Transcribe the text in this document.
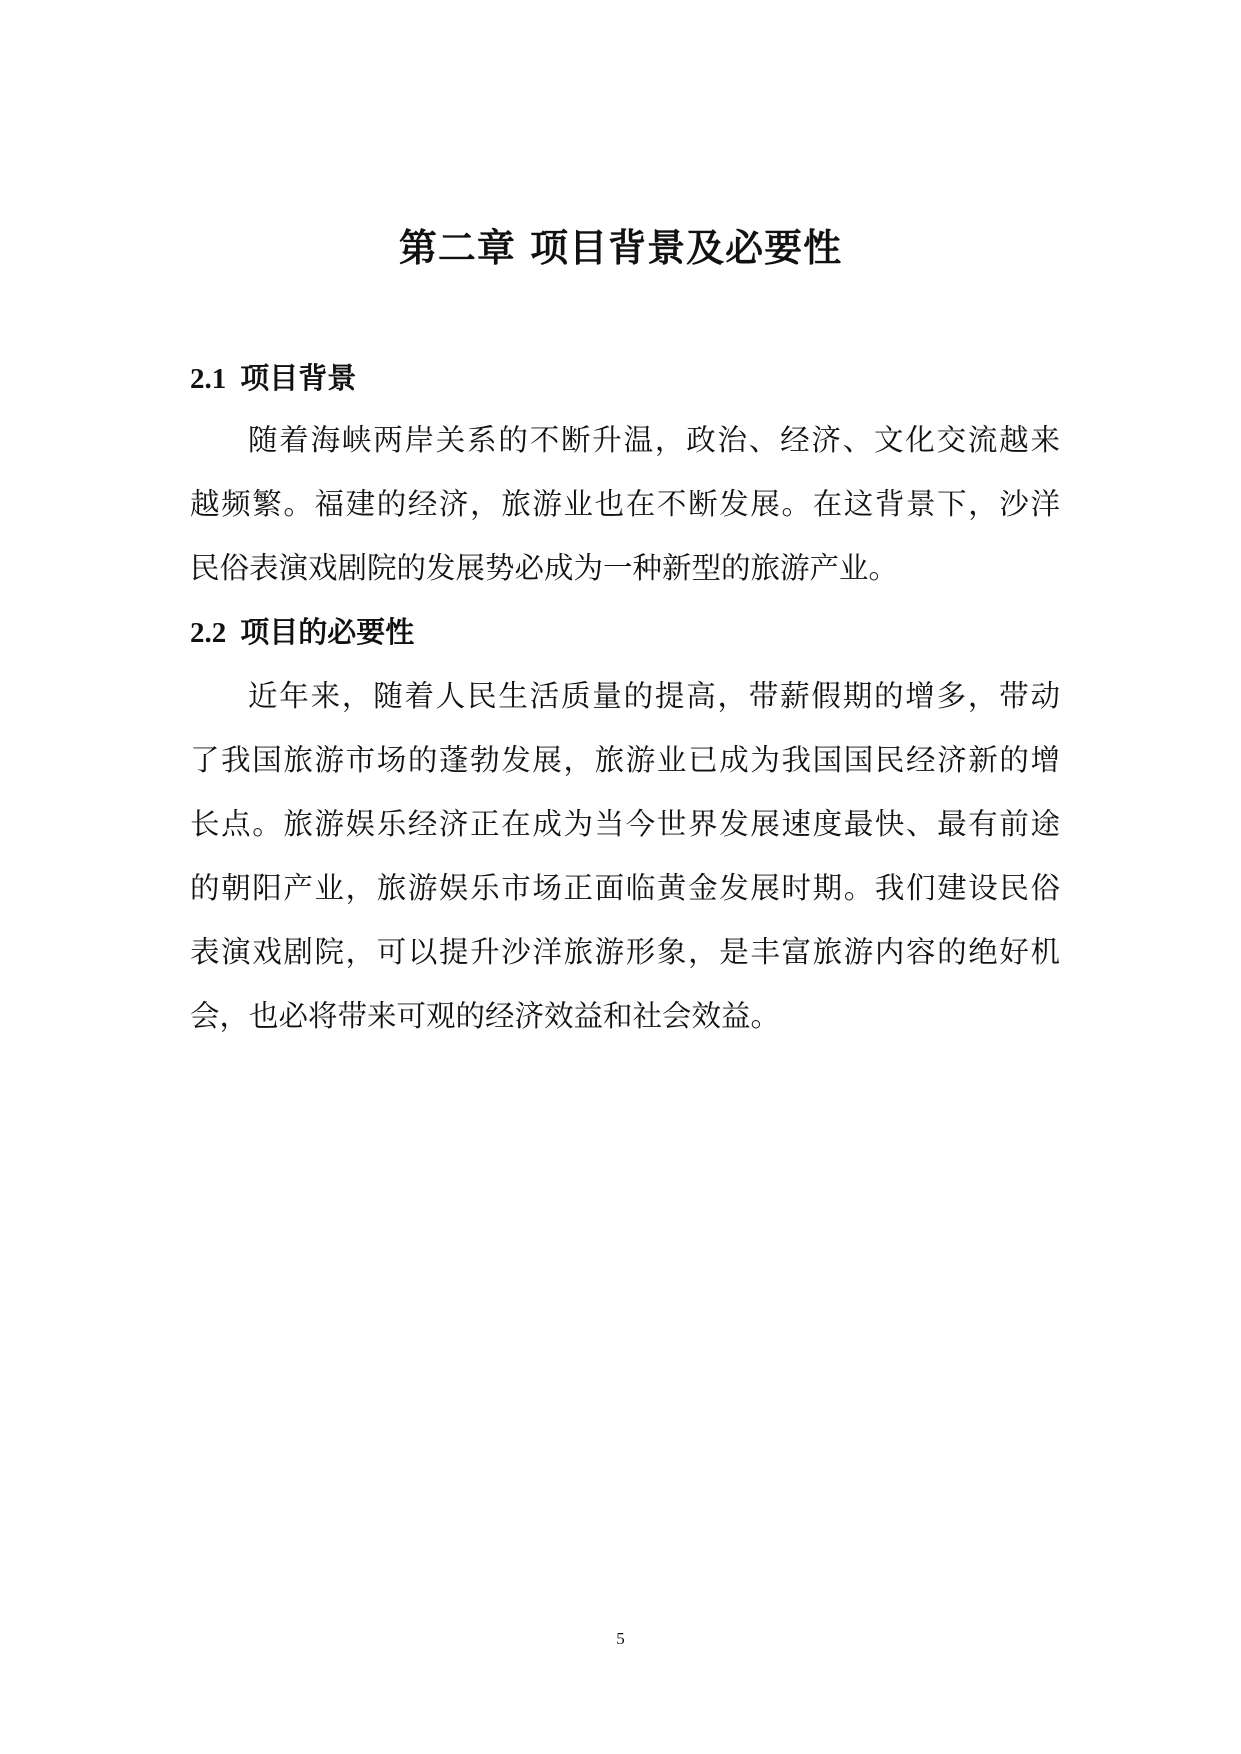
第二章 项目背景及必要性
2.1 项目背景

随着海峡两岸关系的不断升温，政治、经济、文化交流越来

越频繁。福建的经济，旅游业也在不断发展。在这背景下，沙洋

民俗表演戏剧院的发展势必成为一种新型的旅游产业。

2.2 项目的必要性

近年来，随着人民生活质量的提高，带薪假期的增多，带动

了我国旅游市场的蓬勃发展，旅游业已成为我国国民经济新的增

长点。旅游娱乐经济正在成为当今世界发展速度最快、最有前途

的朝阳产业，旅游娱乐市场正面临黄金发展时期。我们建设民俗

表演戏剧院，可以提升沙洋旅游形象，是丰富旅游内容的绝好机

会，也必将带来可观的经济效益和社会效益。

5
